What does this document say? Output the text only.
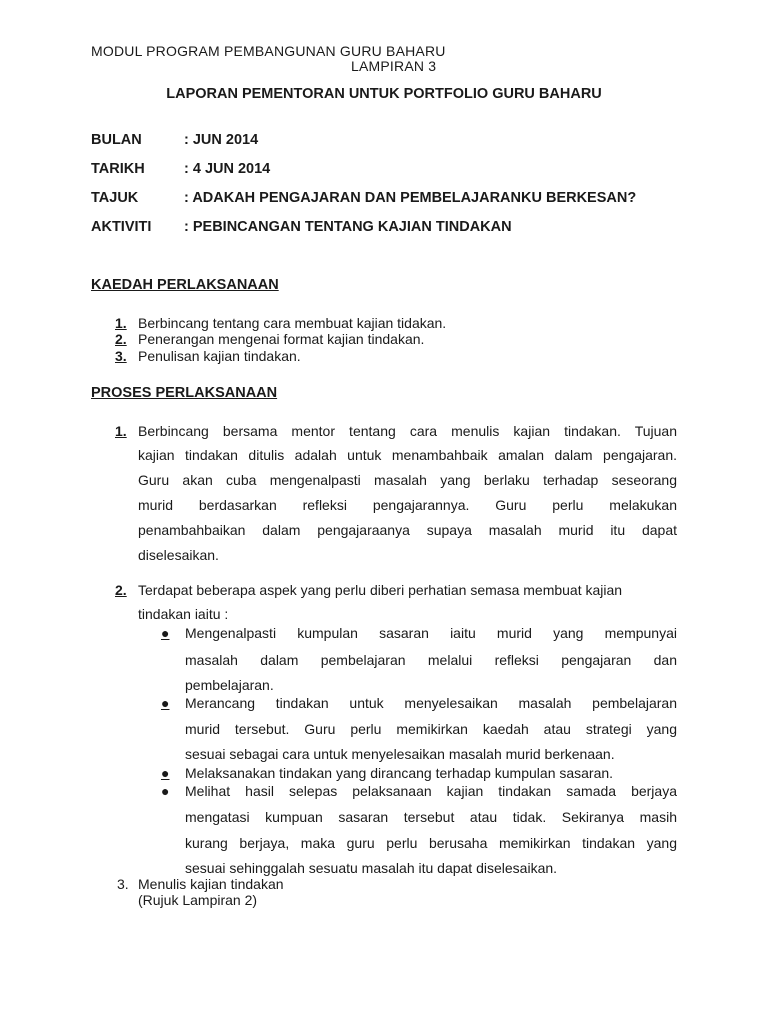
MODUL PROGRAM PEMBANGUNAN GURU BAHARU
LAMPIRAN 3
LAPORAN PEMENTORAN UNTUK PORTFOLIO GURU BAHARU
BULAN	: JUN 2014
TARIKH	: 4 JUN 2014
TAJUK	: ADAKAH PENGAJARAN DAN PEMBELAJARANKU BERKESAN?
AKTIVITI : PEBINCANGAN TENTANG KAJIAN TINDAKAN
KAEDAH PERLAKSANAAN
1. Berbincang tentang cara membuat kajian tidakan.
2. Penerangan mengenai format kajian tindakan.
3. Penulisan kajian tindakan.
PROSES PERLAKSANAAN
1. Berbincang bersama mentor tentang cara menulis kajian tindakan. Tujuan
kajian tindakan ditulis adalah untuk menambahbaik amalan dalam pengajaran.
Guru akan cuba mengenalpasti masalah yang berlaku terhadap seseorang
murid berdasarkan refleksi pengajarannya. Guru perlu melakukan
penambahbaikan dalam pengajaraanya supaya masalah murid itu dapat
diselesaikan.
2. Terdapat beberapa aspek yang perlu diberi perhatian semasa membuat kajian
tindakan iaitu :
● Mengenalpasti kumpulan sasaran iaitu murid yang mempunyai
masalah dalam pembelajaran melalui refleksi pengajaran dan
pembelajaran.
● Merancang tindakan untuk menyelesaikan masalah pembelajaran
murid tersebut. Guru perlu memikirkan kaedah atau strategi yang
sesuai sebagai cara untuk menyelesaikan masalah murid berkenaan.
● Melaksanakan tindakan yang dirancang terhadap kumpulan sasaran.
● Melihat hasil selepas pelaksanaan kajian tindakan samada berjaya
mengatasi kumpuan sasaran tersebut atau tidak. Sekiranya masih
kurang berjaya, maka guru perlu berusaha memikirkan tindakan yang
sesuai sehinggalah sesuatu masalah itu dapat diselesaikan.
3. Menulis kajian tindakan
(Rujuk Lampiran 2)
